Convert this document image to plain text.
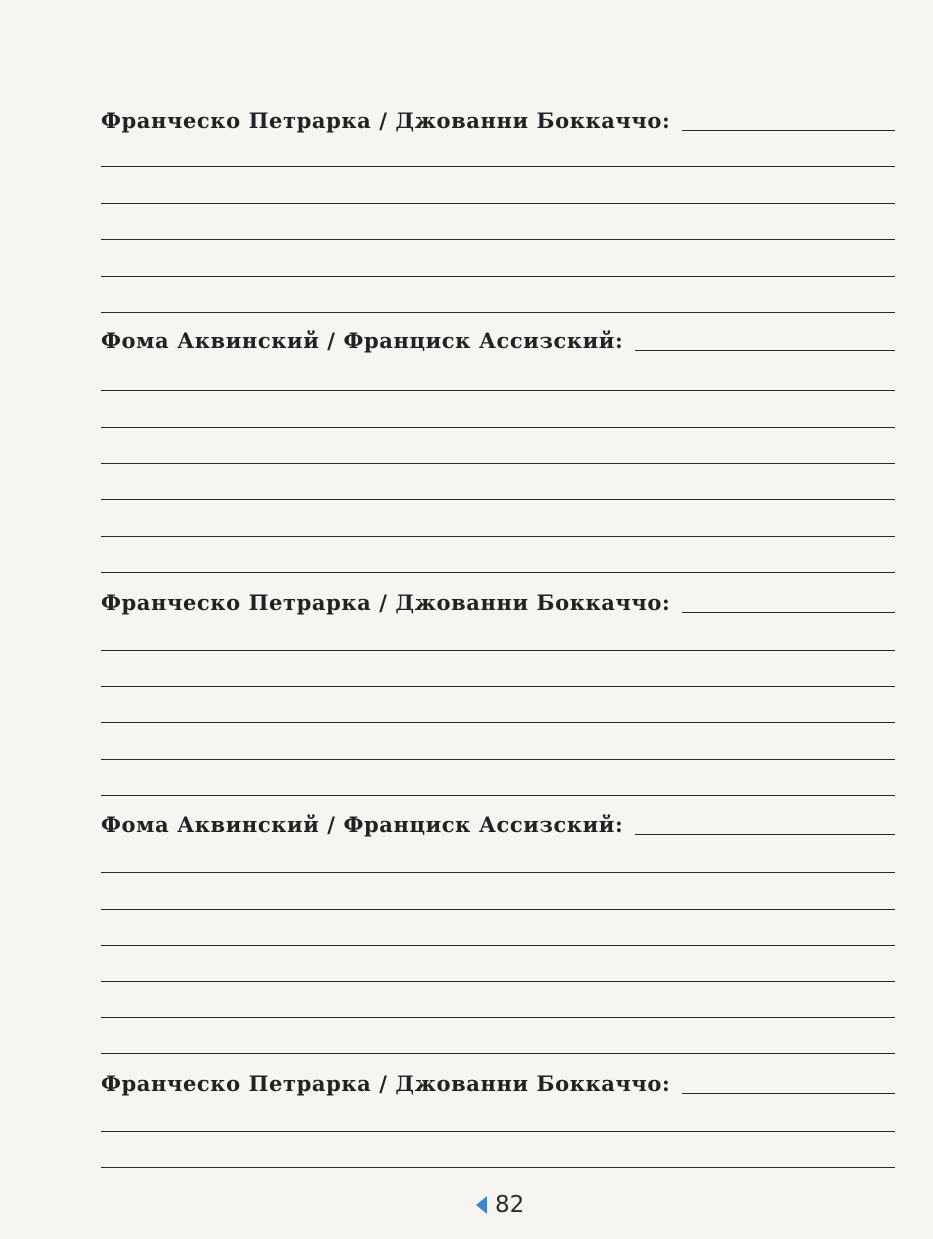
Франческо Петрарка / Джованни Боккаччо:
Фома Аквинский / Франциск Ассизский:
Франческо Петрарка / Джованни Боккаччо:
Фома Аквинский / Франциск Ассизский:
Франческо Петрарка / Джованни Боккаччо:
82
